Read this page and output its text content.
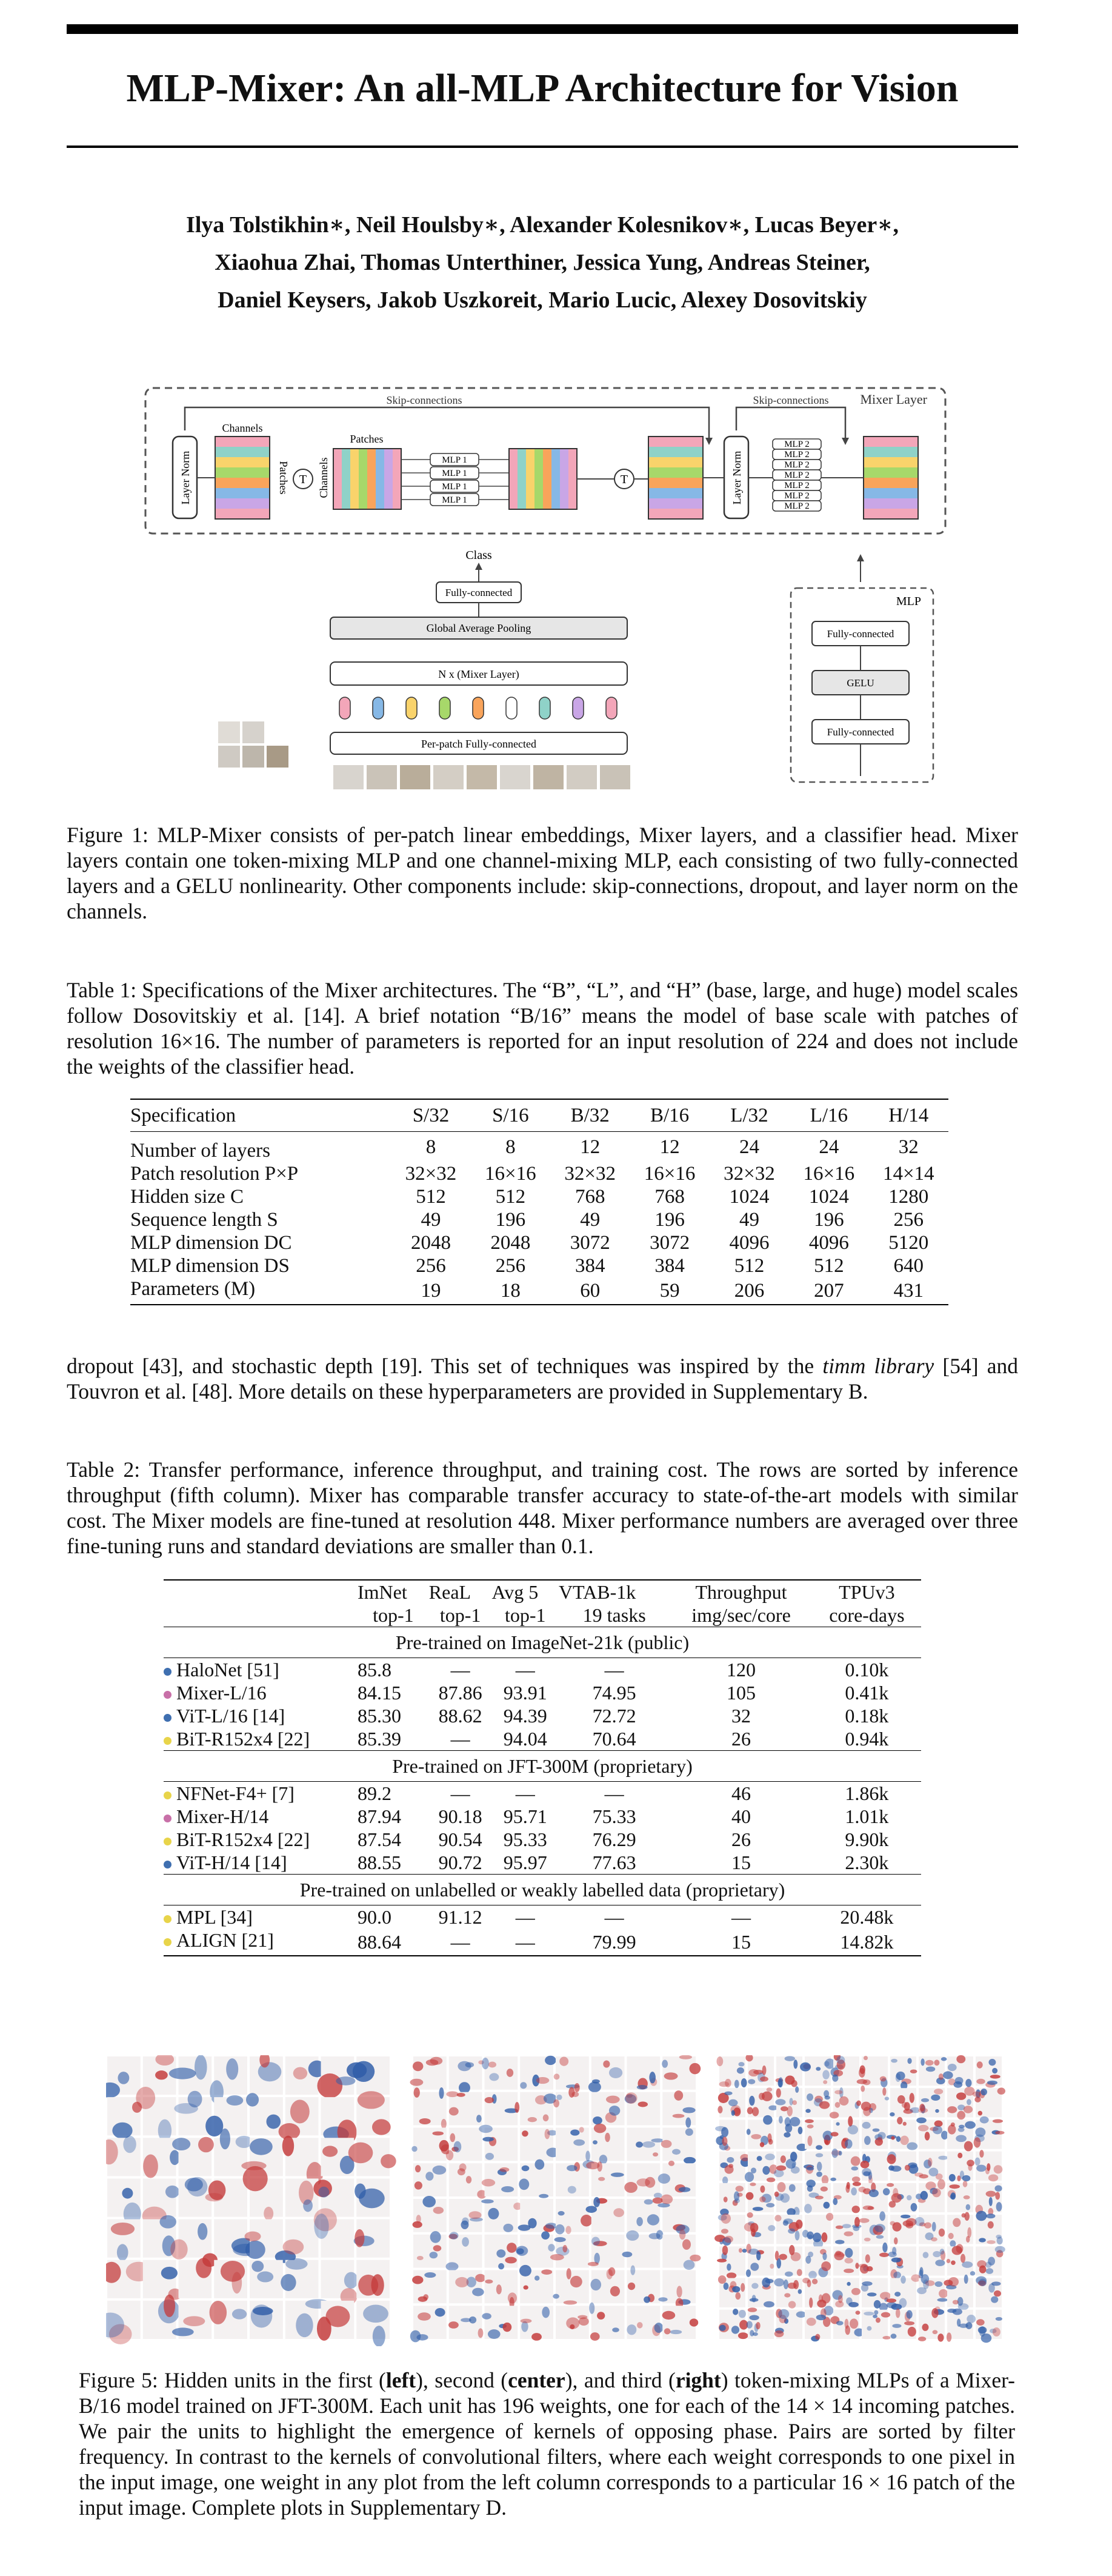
MLP-Mixer: An all-MLP Architecture for Vision
Ilya Tolstikhin∗, Neil Houlsby∗, Alexander Kolesnikov∗, Lucas Beyer∗,
Xiaohua Zhai, Thomas Unterthiner, Jessica Yung, Andreas Steiner,
Daniel Keysers, Jakob Uszkoreit, Mario Lucic, Alexey Dosovitskiy
Mixer Layer
Skip-connections	Skip-connections
Layer Norm
Channels
Patches T Channels
Patches
MLP 1
MLP 1
MLP 1
MLP 1
T	Layer Norm
MLP 2
MLP 2
MLP 2
MLP 2
MLP 2
MLP 2
MLP 2
Class
Fully-connected
Global Average Pooling
N x (Mixer Layer)
Per-patch Fully-connected
MLP
Fully-connected
GELU
Fully-connected
Figure 1: MLP-Mixer consists of per-patch linear embeddings, Mixer layers, and a classifier head. Mixer layers contain one token-mixing MLP and one channel-mixing MLP, each consisting of two fully-connected layers and a GELU nonlinearity. Other components include: skip-connections, dropout, and layer norm on the channels.
Table 1: Specifications of the Mixer architectures. The “B”, “L”, and “H” (base, large, and huge) model scales follow Dosovitskiy et al. [14]. A brief notation “B/16” means the model of base scale with patches of resolution 16×16. The number of parameters is reported for an input resolution of 224 and does not include the weights of the classifier head.
Specification	S/32	S/16	B/32	B/16	L/32	L/16	H/14
Number of layers	8	8	12	12	24	24	32
Patch resolution P×P	32×32	16×16	32×32	16×16	32×32	16×16	14×14
Hidden size C	512	512	768	768	1024	1024	1280
Sequence length S	49	196	49	196	49	196	256
MLP dimension DC	2048	2048	3072	3072	4096	4096	5120
MLP dimension DS	256	256	384	384	512	512	640
Parameters (M)	19	18	60	59	206	207	431
dropout [43], and stochastic depth [19]. This set of techniques was inspired by the timm library [54] and Touvron et al. [48]. More details on these hyperparameters are provided in Supplementary B.
Table 2: Transfer performance, inference throughput, and training cost. The rows are sorted by inference throughput (fifth column). Mixer has comparable transfer accuracy to state-of-the-art models with similar cost. The Mixer models are fine-tuned at resolution 448. Mixer performance numbers are averaged over three fine-tuning runs and standard deviations are smaller than 0.1.
	ImNet	ReaL	Avg 5	VTAB-1k	Throughput	TPUv3
	top-1	top-1	top-1	19 tasks	img/sec/core	core-days
Pre-trained on ImageNet-21k (public)						
HaloNet [51]	85.8	—	—	—	120	0.10k
Mixer-L/16	84.15	87.86	93.91	74.95	105	0.41k
ViT-L/16 [14]	85.30	88.62	94.39	72.72	32	0.18k
BiT-R152x4 [22]	85.39	—	94.04	70.64	26	0.94k
Pre-trained on JFT-300M (proprietary)						
NFNet-F4+ [7]	89.2	—	—	—	46	1.86k
Mixer-H/14	87.94	90.18	95.71	75.33	40	1.01k
BiT-R152x4 [22]	87.54	90.54	95.33	76.29	26	9.90k
ViT-H/14 [14]	88.55	90.72	95.97	77.63	15	2.30k
Pre-trained on unlabelled or weakly labelled data (proprietary)						
MPL [34]	90.0	91.12	—	—	—	20.48k
ALIGN [21]	88.64	—	—	79.99	15	14.82k
Figure 5: Hidden units in the first (left), second (center), and third (right) token-mixing MLPs of a Mixer-B/16 model trained on JFT-300M. Each unit has 196 weights, one for each of the 14 × 14 incoming patches. We pair the units to highlight the emergence of kernels of opposing phase. Pairs are sorted by filter frequency. In contrast to the kernels of convolutional filters, where each weight corresponds to one pixel in the input image, one weight in any plot from the left column corresponds to a particular 16 × 16 patch of the input image. Complete plots in Supplementary D.
